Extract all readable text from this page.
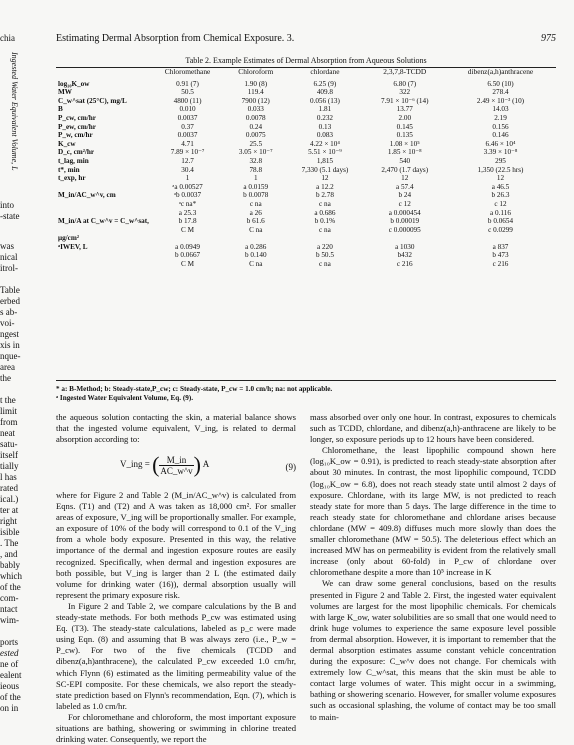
chia
into
-state
was
nical
itrol-
Table
erbed
s ab-
voi-
ngest
xis in
nque-
area
the
t the
limit
from
neat
satu-
itself
tially
l has
rated
ical.)
ter at
right
isible
. The
, and
bably
which
of the
com-
ntact
wim-
ports
ested
ne of
ealent
ieous
of the
on in
Ingested Water Equivalent Volume, L
Estimating Dermal Absorption from Chemical Exposure. 3.	975
Table 2. Example Estimates of Dermal Absorption from Aqueous Solutions
	Chloromethane	Chloroform	chlordane	2,3,7,8-TCDD	dibenz(a,h)anthracene
log₁₀K_ow	0.91 (7)	1.90 (8)	6.25 (9)	6.80 (7)	6.50 (10)
MW	50.5	119.4	409.8	322	278.4
C_w^sat (25°C), mg/L	4800 (11)	7900 (12)	0.056 (13)	7.91 × 10⁻⁶ (14)	2.49 × 10⁻³ (10)
B	0.010	0.033	1.81	13.77	14.03
P_cw, cm/hr	0.0037	0.0078	0.232	2.00	2.19
P_ew, cm/hr	0.37	0.24	0.13	0.145	0.156
P_w, cm/hr	0.0037	0.0075	0.083	0.135	0.146
K_cw	4.71	25.5	4.22 × 10⁴	1.08 × 10⁵	6.46 × 10⁴
D_c, cm²/hr	7.89 × 10⁻⁷	3.05 × 10⁻⁷	5.51 × 10⁻⁹	1.85 × 10⁻⁸	3.39 × 10⁻⁸
t_lag, min	12.7	32.8	1,815	540	295
t*, min	30.4	78.8	7,330 (5.1 days)	2,470 (1.7 days)	1,350 (22.5 hrs)
t_exp, hr	1	1	12	12	12
	ᵃa 0.00527	a 0.0159	a 12.2	a 57.4	a 46.5
M_in/AC_w^v, cm	ᵃb 0.0037	b 0.0078	b 2.78	b 24	b 26.3
	ᵃc na*	c na	c na	c 12	c 12
	a 25.3	a 26	a 0.686	a 0.000454	a 0.116
M_in/A at C_w^v = C_w^sat,	b 17.8	b 61.6	b 0.1%	b 0.00019	b 0.0654
	C M	C na	c na	c 0.000095	c 0.0299
μg/cm²					
ᵃIWEV, L	a 0.0949	a 0.286	a 220	a 1030	a 837
	b 0.0667	b 0.140	b 50.5	b432	b 473
	C M	C na	c na	c 216	c 216
* a: B-Method; b: Steady-state,P_cw; c: Steady-state, P_cw = 1.0 cm/h; na: not applicable.
ᵃ Ingested Water Equivalent Volume, Eq. (9).

the aqueous solution contacting the skin, a material balance shows that the ingested volume equivalent, V_ing, is related to dermal absorption according to:

V_ing = ( $\frac{M\_in}{AC\_w\^{}v}$ ) A	(9)

where for Figure 2 and Table 2 (M_in/AC_w^v) is calculated from Eqns. (T1) and (T2) and A was taken as 18,000 cm². For smaller areas of exposure, V_ing will be proportionally smaller. For example, an exposure of 10% of the body will correspond to 0.1 of the V_ing from a whole body exposure. Presented in this way, the relative importance of the dermal and ingestion exposure routes are easily recognized. Specifically, when dermal and ingestion exposures are both possible, but V_ing is larger than 2 L (the estimated daily volume for drinking water (16)), dermal absorption usually will represent the primary exposure risk.

In Figure 2 and Table 2, we compare calculations by the B and steady-state methods. For both methods P_cw was estimated using Eq. (T3). The steady-state calculations, labeled as p_c were made using Eqn. (8) and assuming that B was always zero (i.e., P_w = P_cw). For two of the five chemicals (TCDD and dibenz(a,h)anthracene), the calculated P_cw exceeded 1.0 cm/hr, which Flynn (6) estimated as the limiting permeability value of the SC-EPI composite. For these chemicals, we also report the steady-state prediction based on Flynn's recommendation, Eqn. (7), which is labeled as 1.0 cm/hr.

For chloromethane and chloroform, the most important exposure situations are bathing, showering or swimming in chlorine treated drinking water. Consequently, we report the

mass absorbed over only one hour. In contrast, exposures to chemicals such as TCDD, chlordane, and dibenz(a,h)-anthracene are likely to be longer, so exposure periods up to 12 hours have been considered.

Chloromethane, the least lipophilic compound shown here (log₁₀K_ow = 0.91), is predicted to reach steady-state absorption after about 30 minutes. In contrast, the most lipophilic compound, TCDD (log₁₀K_ow = 6.8), does not reach steady state until almost 2 days of exposure. Chlordane, with its large MW, is not predicted to reach steady state for more than 5 days. The large difference in the time to reach steady state for chloromethane and chlordane arises because chlordane (MW = 409.8) diffuses much more slowly than does the smaller chloromethane (MW = 50.5). The deleterious effect which an increased MW has on permeability is evident from the relatively small increase (only about 60-fold) in P_cw of chlordane over chloromethane despite a more than 10⁵ increase in K

We can draw some general conclusions, based on the results presented in Figure 2 and Table 2. First, the ingested water equivalent volumes are largest for the most lipophilic chemicals. For chemicals with large K_ow, water solubilities are so small that one would need to drink huge volumes to experience the same exposure level possible from dermal absorption. However, it is important to remember that the dermal absorption estimates assume constant vehicle concentration during the exposure: C_w^v does not change. For chemicals with extremely low C_w^sat, this means that the skin must be able to contact large volumes of water. This might occur in a swimming, bathing or showering scenario. However, for smaller volume exposures such as occasional splashing, the volume of contact may be too small to main-
